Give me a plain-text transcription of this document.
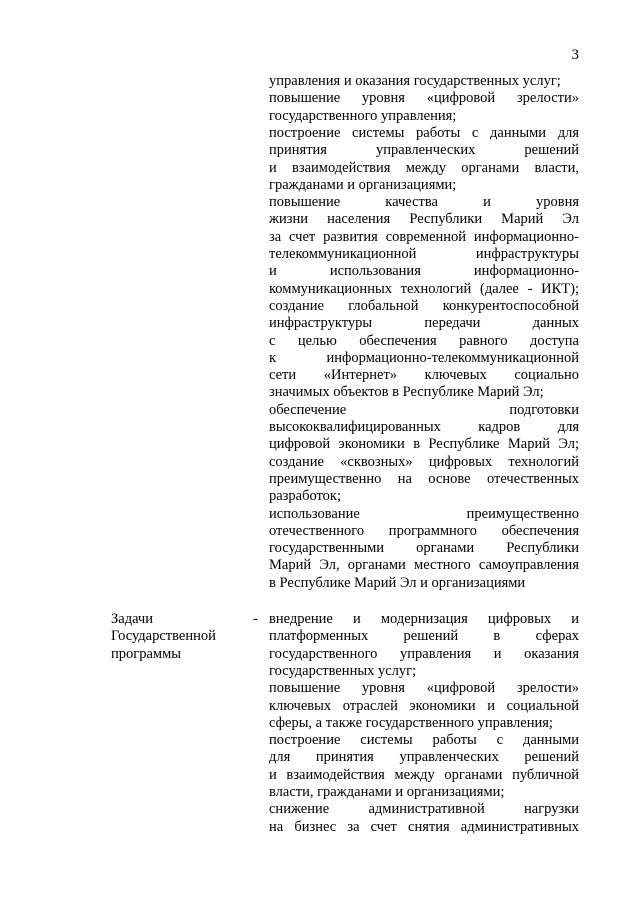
3
управления и оказания государственных услуг;
повышение уровня «цифровой зрелости»
государственного управления;
построение системы работы с данными для
принятия управленческих решений
и взаимодействия между органами власти,
гражданами и организациями;
повышение качества и уровня
жизни населения Республики Марий Эл
за счет развития современной информационно-
телекоммуникационной инфраструктуры
и использования информационно-
коммуникационных технологий (далее - ИКТ);
создание глобальной конкурентоспособной
инфраструктуры передачи данных
с целью обеспечения равного доступа
к информационно-телекоммуникационной
сети «Интернет» ключевых социально
значимых объектов в Республике Марий Эл;
обеспечение подготовки
высококвалифицированных кадров для
цифровой экономики в Республике Марий Эл;
создание «сквозных» цифровых технологий
преимущественно на основе отечественных
разработок;
использование преимущественно
отечественного программного обеспечения
государственными органами Республики
Марий Эл, органами местного самоуправления
в Республике Марий Эл и организациями
Задачи
Государственной
программы
- внедрение и модернизация цифровых и
платформенных решений в сферах
государственного управления и оказания
государственных услуг;
повышение уровня «цифровой зрелости»
ключевых отраслей экономики и социальной
сферы, а также государственного управления;
построение системы работы с данными
для принятия управленческих решений
и взаимодействия между органами публичной
власти, гражданами и организациями;
снижение административной нагрузки
на бизнес за счет снятия административных
